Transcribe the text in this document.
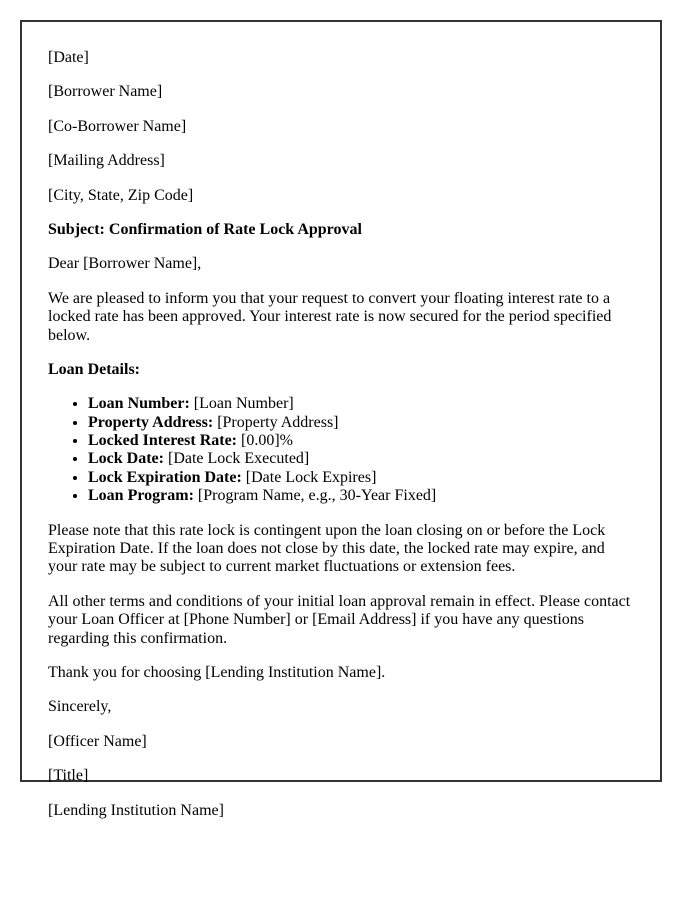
[Date]

[Borrower Name]

[Co-Borrower Name]

[Mailing Address]

[City, State, Zip Code]

Subject: Confirmation of Rate Lock Approval

Dear [Borrower Name],

We are pleased to inform you that your request to convert your floating interest rate to a locked rate has been approved. Your interest rate is now secured for the period specified below.

Loan Details:

• Loan Number: [Loan Number]
• Property Address: [Property Address]
• Locked Interest Rate: [0.00]%
• Lock Date: [Date Lock Executed]
• Lock Expiration Date: [Date Lock Expires]
• Loan Program: [Program Name, e.g., 30-Year Fixed]

Please note that this rate lock is contingent upon the loan closing on or before the Lock Expiration Date. If the loan does not close by this date, the locked rate may expire, and your rate may be subject to current market fluctuations or extension fees.

All other terms and conditions of your initial loan approval remain in effect. Please contact your Loan Officer at [Phone Number] or [Email Address] if you have any questions regarding this confirmation.

Thank you for choosing [Lending Institution Name].

Sincerely,

[Officer Name]

[Title]

[Lending Institution Name]
